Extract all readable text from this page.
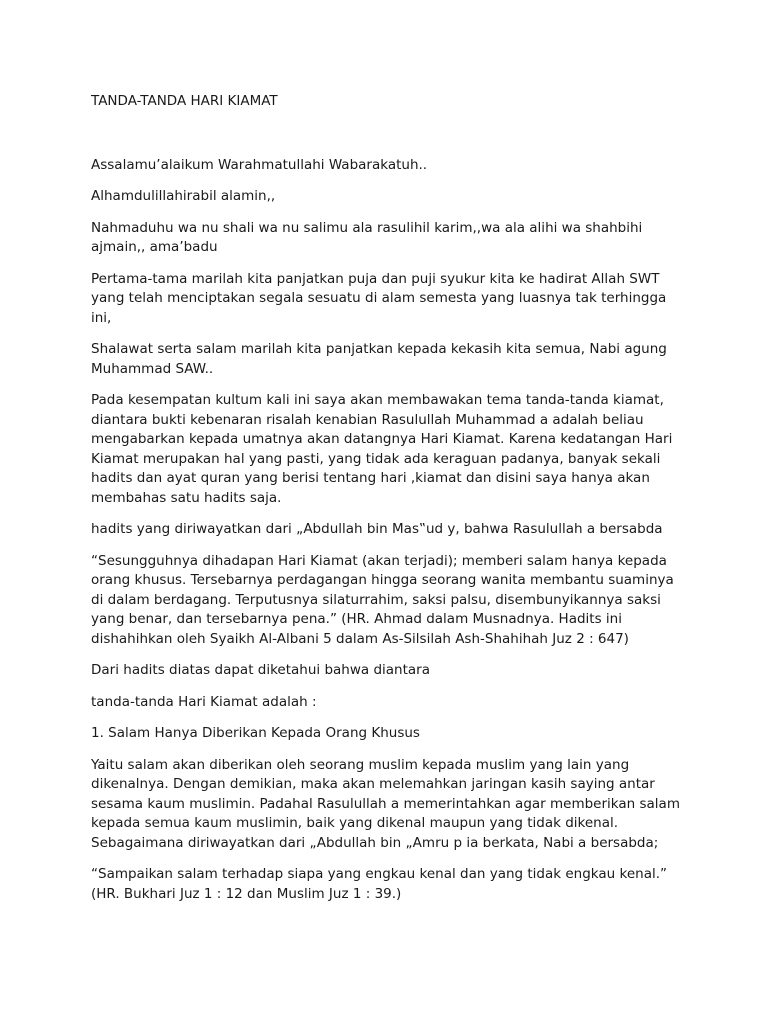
TANDA-TANDA HARI KIAMAT

Assalamu’alaikum Warahmatullahi Wabarakatuh..

Alhamdulillahirabil alamin,,

Nahmaduhu wa nu shali wa nu salimu ala rasulihil karim,,wa ala alihi wa shahbihi ajmain,, ama’badu

Pertama-tama marilah kita panjatkan puja dan puji syukur kita ke hadirat Allah SWT yang telah menciptakan segala sesuatu di alam semesta yang luasnya tak terhingga ini,

Shalawat serta salam marilah kita panjatkan kepada kekasih kita semua, Nabi agung Muhammad SAW..

Pada kesempatan kultum kali ini saya akan membawakan tema tanda-tanda kiamat, diantara bukti kebenaran risalah kenabian Rasulullah Muhammad a adalah beliau mengabarkan kepada umatnya akan datangnya Hari Kiamat. Karena kedatangan Hari Kiamat merupakan hal yang pasti, yang tidak ada keraguan padanya, banyak sekali hadits dan ayat quran yang berisi tentang hari ,kiamat dan disini saya hanya akan membahas satu hadits saja.

hadits yang diriwayatkan dari „Abdullah bin Mas‟ud y, bahwa Rasulullah a bersabda

“Sesungguhnya dihadapan Hari Kiamat (akan terjadi); memberi salam hanya kepada orang khusus. Tersebarnya perdagangan hingga seorang wanita membantu suaminya di dalam berdagang. Terputusnya silaturrahim, saksi palsu, disembunyikannya saksi yang benar, dan tersebarnya pena.” (HR. Ahmad dalam Musnadnya. Hadits ini dishahihkan oleh Syaikh Al-Albani 5 dalam As-Silsilah Ash-Shahihah Juz 2 : 647)

Dari hadits diatas dapat diketahui bahwa diantara

tanda-tanda Hari Kiamat adalah :

1. Salam Hanya Diberikan Kepada Orang Khusus

Yaitu salam akan diberikan oleh seorang muslim kepada muslim yang lain yang dikenalnya. Dengan demikian, maka akan melemahkan jaringan kasih saying antar sesama kaum muslimin. Padahal Rasulullah a memerintahkan agar memberikan salam kepada semua kaum muslimin, baik yang dikenal maupun yang tidak dikenal. Sebagaimana diriwayatkan dari „Abdullah bin „Amru p ia berkata, Nabi a bersabda;

“Sampaikan salam terhadap siapa yang engkau kenal dan yang tidak engkau kenal.” (HR. Bukhari Juz 1 : 12 dan Muslim Juz 1 : 39.)
